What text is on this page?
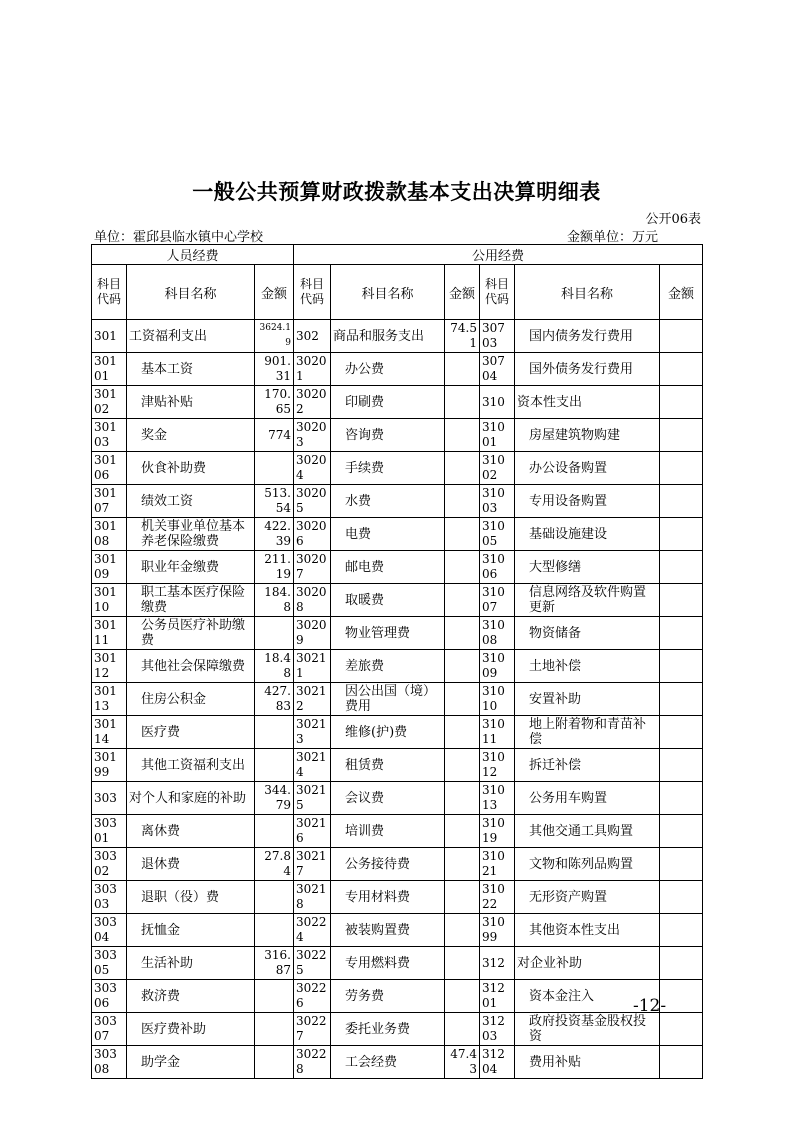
一般公共预算财政拨款基本支出决算明细表
公开06表
单位：霍邱县临水镇中心学校	金额单位：万元
人员经费			公用经费					
科目代码	科目名称	金额	科目代码	科目名称	金额	科目代码	科目名称	金额
301	工资福利支出	3624.19	302	商品和服务支出	74.51	30703	国内债务发行费用	
30101	基本工资	901.31	30201	办公费		30704	国外债务发行费用	
30102	津贴补贴	170.65	30202	印刷费		310	资本性支出	
30103	奖金	774	30203	咨询费		31001	房屋建筑物购建	
30106	伙食补助费		30204	手续费		31002	办公设备购置	
30107	绩效工资	513.54	30205	水费		31003	专用设备购置	
30108	机关事业单位基本养老保险缴费	422.39	30206	电费		31005	基础设施建设	
30109	职业年金缴费	211.19	30207	邮电费		31006	大型修缮	
30110	职工基本医疗保险缴费	184.8	30208	取暖费		31007	信息网络及软件购置更新	
30111	公务员医疗补助缴费		30209	物业管理费		31008	物资储备	
30112	其他社会保障缴费	18.48	30211	差旅费		31009	土地补偿	
30113	住房公积金	427.83	30212	因公出国（境）费用		31010	安置补助	
30114	医疗费		30213	维修(护)费		31011	地上附着物和青苗补偿	
30199	其他工资福利支出		30214	租赁费		31012	拆迁补偿	
303	对个人和家庭的补助	344.79	30215	会议费		31013	公务用车购置	
30301	离休费		30216	培训费		31019	其他交通工具购置	
30302	退休费	27.84	30217	公务接待费		31021	文物和陈列品购置	
30303	退职（役）费		30218	专用材料费		31022	无形资产购置	
30304	抚恤金		30224	被装购置费		31099	其他资本性支出	
30305	生活补助	316.87	30225	专用燃料费		312	对企业补助	
30306	救济费		30226	劳务费		31201	资本金注入	
30307	医疗费补助		30227	委托业务费		31203	政府投资基金股权投资	
30308	助学金		30228	工会经费	47.43	31204	费用补贴	
-12-
